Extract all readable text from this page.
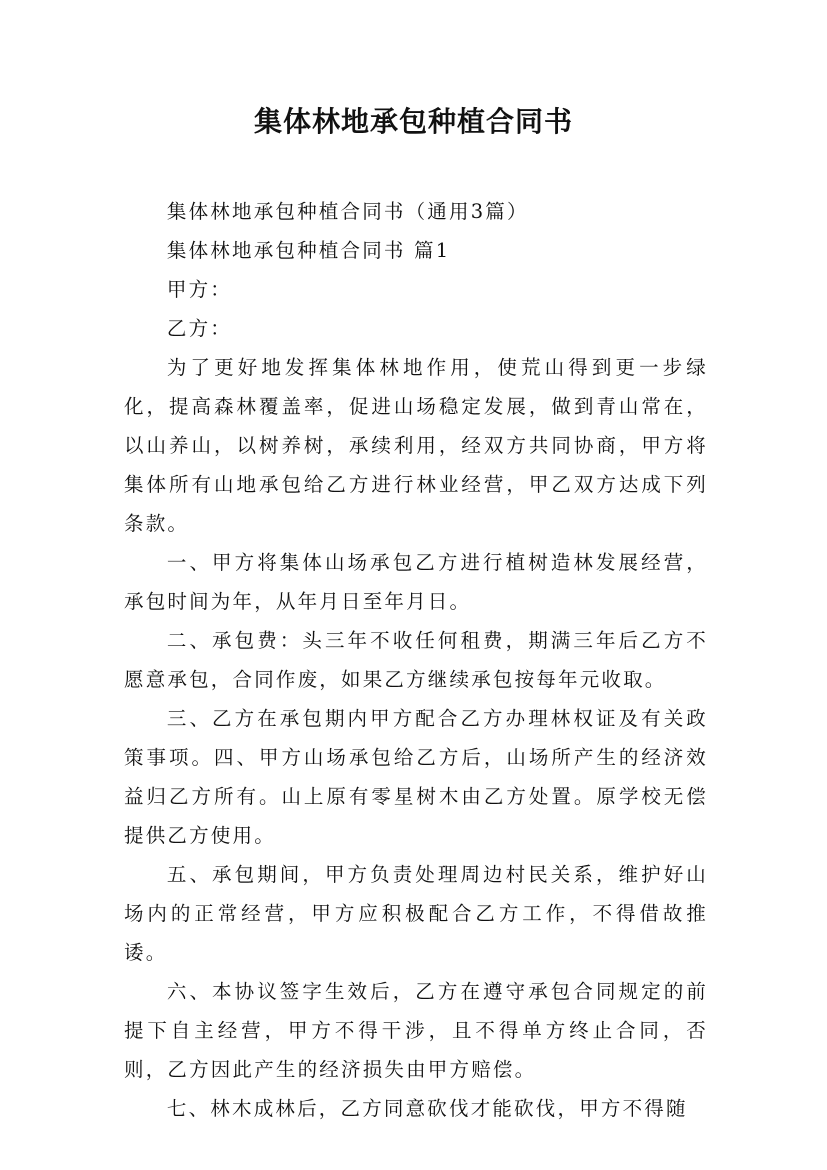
集体林地承包种植合同书

集体林地承包种植合同书（通用3篇）

集体林地承包种植合同书 篇1

甲方：

乙方：

为了更好地发挥集体林地作用，使荒山得到更一步绿化，提高森林覆盖率，促进山场稳定发展，做到青山常在，以山养山，以树养树，承续利用，经双方共同协商，甲方将集体所有山地承包给乙方进行林业经营，甲乙双方达成下列条款。

一、甲方将集体山场承包乙方进行植树造林发展经营，承包时间为年，从年月日至年月日。

二、承包费：头三年不收任何租费，期满三年后乙方不愿意承包，合同作废，如果乙方继续承包按每年元收取。

三、乙方在承包期内甲方配合乙方办理林权证及有关政策事项。四、甲方山场承包给乙方后，山场所产生的经济效益归乙方所有。山上原有零星树木由乙方处置。原学校无偿提供乙方使用。

五、承包期间，甲方负责处理周边村民关系，维护好山场内的正常经营，甲方应积极配合乙方工作，不得借故推诿。

六、本协议签字生效后，乙方在遵守承包合同规定的前提下自主经营，甲方不得干涉，且不得单方终止合同，否则，乙方因此产生的经济损失由甲方赔偿。

七、林木成林后，乙方同意砍伐才能砍伐，甲方不得随
